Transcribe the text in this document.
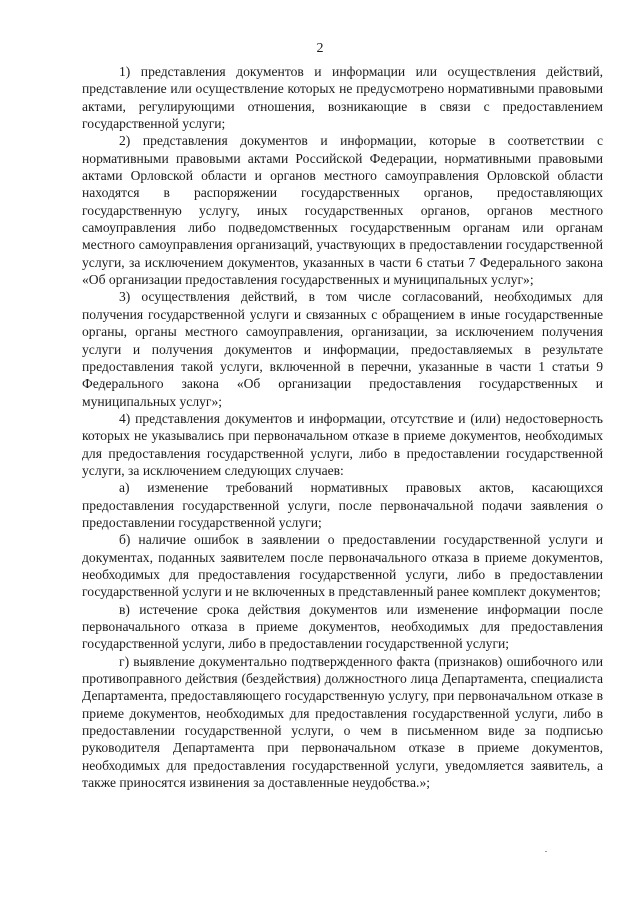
2

1) представления документов и информации или осуществления действий, представление или осуществление которых не предусмотрено нормативными правовыми актами, регулирующими отношения, возникающие в связи с предоставлением государственной услуги;

2) представления документов и информации, которые в соответствии с нормативными правовыми актами Российской Федерации, нормативными правовыми актами Орловской области и органов местного самоуправления Орловской области находятся в распоряжении государственных органов, предоставляющих государственную услугу, иных государственных органов, органов местного самоуправления либо подведомственных государственным органам или органам местного самоуправления организаций, участвующих в предоставлении государственной услуги, за исключением документов, указанных в части 6 статьи 7 Федерального закона «Об организации предоставления государственных и муниципальных услуг»;

3) осуществления действий, в том числе согласований, необходимых для получения государственной услуги и связанных с обращением в иные государственные органы, органы местного самоуправления, организации, за исключением получения услуги и получения документов и информации, предоставляемых в результате предоставления такой услуги, включенной в перечни, указанные в части 1 статьи 9 Федерального закона «Об организации предоставления государственных и муниципальных услуг»;

4) представления документов и информации, отсутствие и (или) недостоверность которых не указывались при первоначальном отказе в приеме документов, необходимых для предоставления государственной услуги, либо в предоставлении государственной услуги, за исключением следующих случаев:

а) изменение требований нормативных правовых актов, касающихся предоставления государственной услуги, после первоначальной подачи заявления о предоставлении государственной услуги;

б) наличие ошибок в заявлении о предоставлении государственной услуги и документах, поданных заявителем после первоначального отказа в приеме документов, необходимых для предоставления государственной услуги, либо в предоставлении государственной услуги и не включенных в представленный ранее комплект документов;

в) истечение срока действия документов или изменение информации после первоначального отказа в приеме документов, необходимых для предоставления государственной услуги, либо в предоставлении государственной услуги;

г) выявление документально подтвержденного факта (признаков) ошибочного или противоправного действия (бездействия) должностного лица Департамента, специалиста Департамента, предоставляющего государственную услугу, при первоначальном отказе в приеме документов, необходимых для предоставления государственной услуги, либо в предоставлении государственной услуги, о чем в письменном виде за подписью руководителя Департамента при первоначальном отказе в приеме документов, необходимых для предоставления государственной услуги, уведомляется заявитель, а также приносятся извинения за доставленные неудобства.»;
